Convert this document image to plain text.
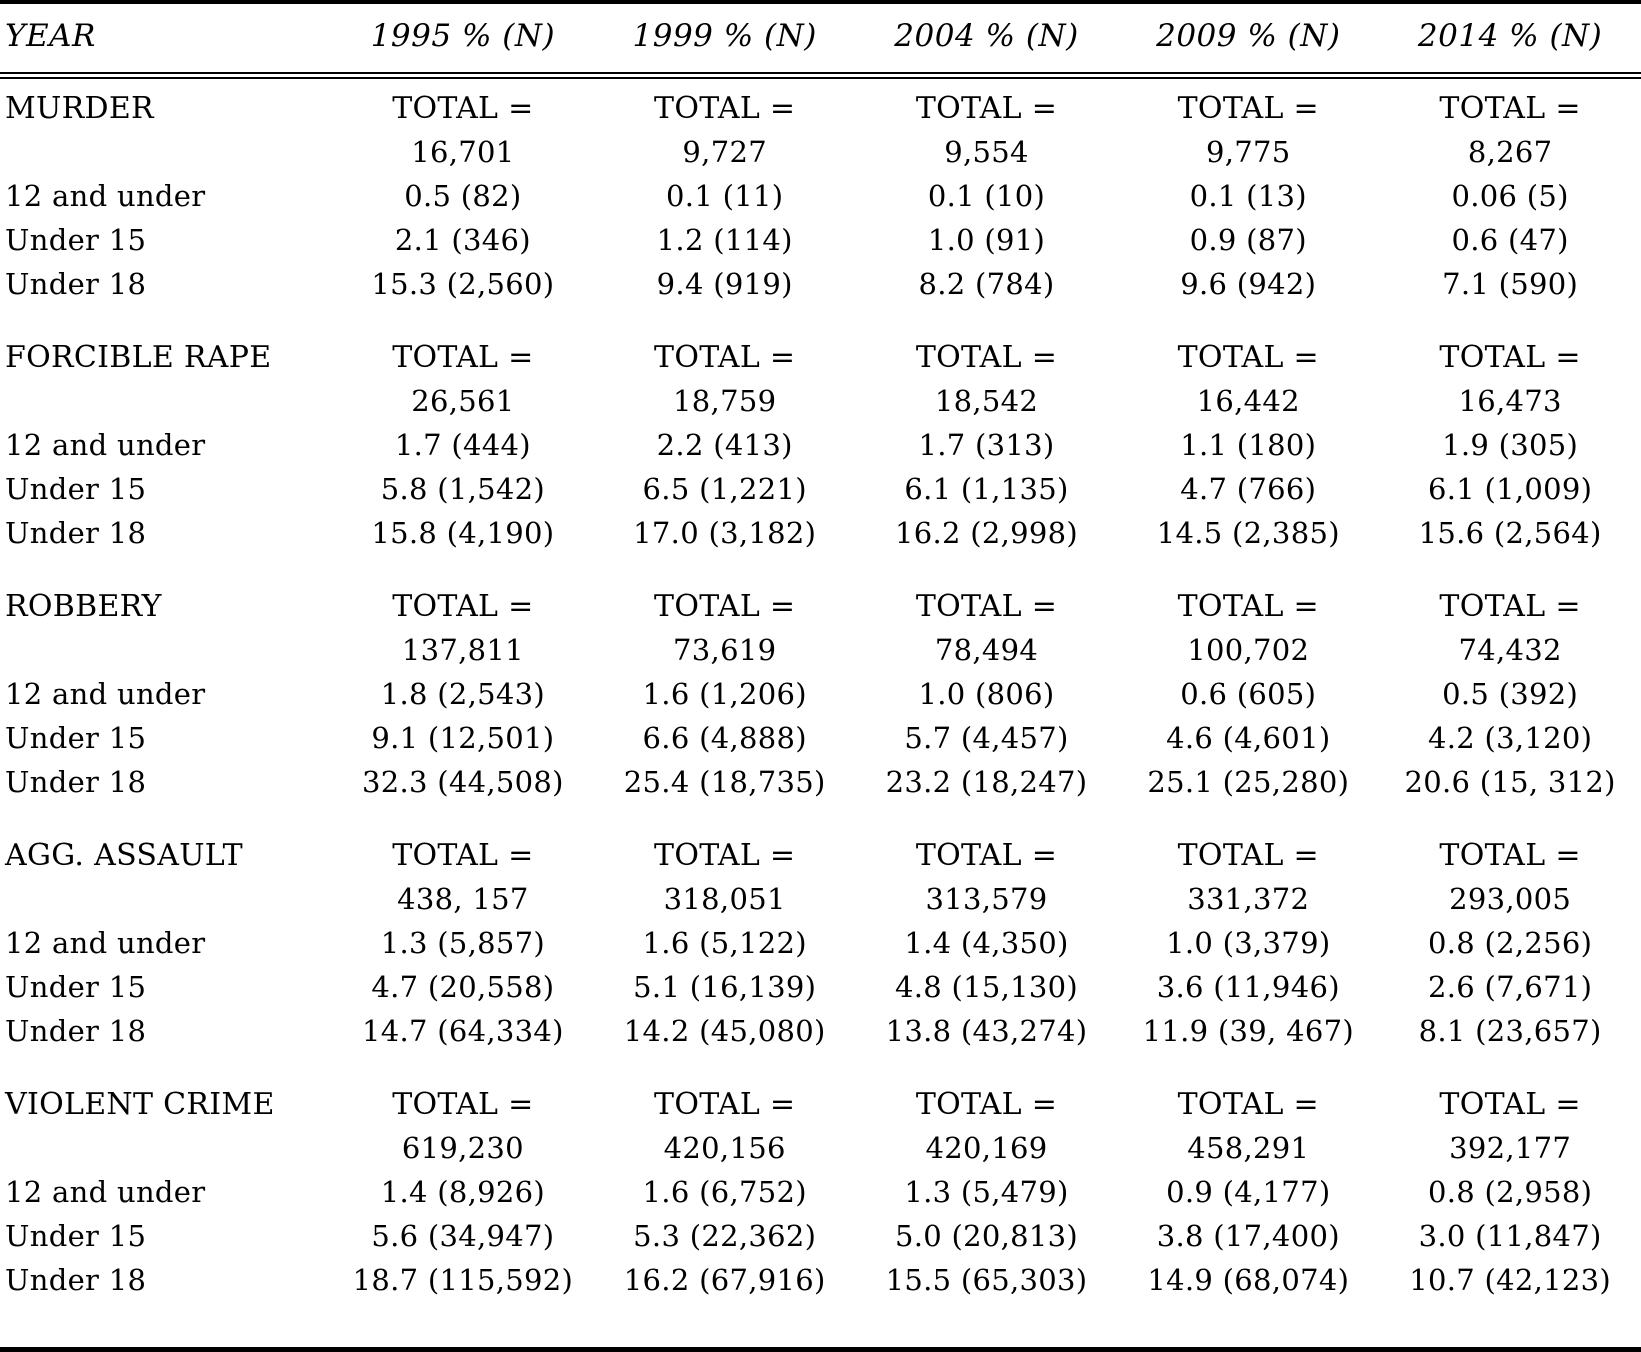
YEAR	1995 % (N)	1999 % (N)	2004 % (N)	2009 % (N)	2014 % (N)
MURDER	TOTAL =	TOTAL =	TOTAL =	TOTAL =	TOTAL =
	16,701	9,727	9,554	9,775	8,267
12 and under	0.5 (82)	0.1 (11)	0.1 (10)	0.1 (13)	0.06 (5)
Under 15	2.1 (346)	1.2 (114)	1.0 (91)	0.9 (87)	0.6 (47)
Under 18	15.3 (2,560)	9.4 (919)	8.2 (784)	9.6 (942)	7.1 (590)
FORCIBLE RAPE	TOTAL =	TOTAL =	TOTAL =	TOTAL =	TOTAL =
	26,561	18,759	18,542	16,442	16,473
12 and under	1.7 (444)	2.2 (413)	1.7 (313)	1.1 (180)	1.9 (305)
Under 15	5.8 (1,542)	6.5 (1,221)	6.1 (1,135)	4.7 (766)	6.1 (1,009)
Under 18	15.8 (4,190)	17.0 (3,182)	16.2 (2,998)	14.5 (2,385)	15.6 (2,564)
ROBBERY	TOTAL =	TOTAL =	TOTAL =	TOTAL =	TOTAL =
	137,811	73,619	78,494	100,702	74,432
12 and under	1.8 (2,543)	1.6 (1,206)	1.0 (806)	0.6 (605)	0.5 (392)
Under 15	9.1 (12,501)	6.6 (4,888)	5.7 (4,457)	4.6 (4,601)	4.2 (3,120)
Under 18	32.3 (44,508)	25.4 (18,735)	23.2 (18,247)	25.1 (25,280)	20.6 (15, 312)
AGG. ASSAULT	TOTAL =	TOTAL =	TOTAL =	TOTAL =	TOTAL =
	438, 157	318,051	313,579	331,372	293,005
12 and under	1.3 (5,857)	1.6 (5,122)	1.4 (4,350)	1.0 (3,379)	0.8 (2,256)
Under 15	4.7 (20,558)	5.1 (16,139)	4.8 (15,130)	3.6 (11,946)	2.6 (7,671)
Under 18	14.7 (64,334)	14.2 (45,080)	13.8 (43,274)	11.9 (39, 467)	8.1 (23,657)
VIOLENT CRIME	TOTAL =	TOTAL =	TOTAL =	TOTAL =	TOTAL =
	619,230	420,156	420,169	458,291	392,177
12 and under	1.4 (8,926)	1.6 (6,752)	1.3 (5,479)	0.9 (4,177)	0.8 (2,958)
Under 15	5.6 (34,947)	5.3 (22,362)	5.0 (20,813)	3.8 (17,400)	3.0 (11,847)
Under 18	18.7 (115,592)	16.2 (67,916)	15.5 (65,303)	14.9 (68,074)	10.7 (42,123)
